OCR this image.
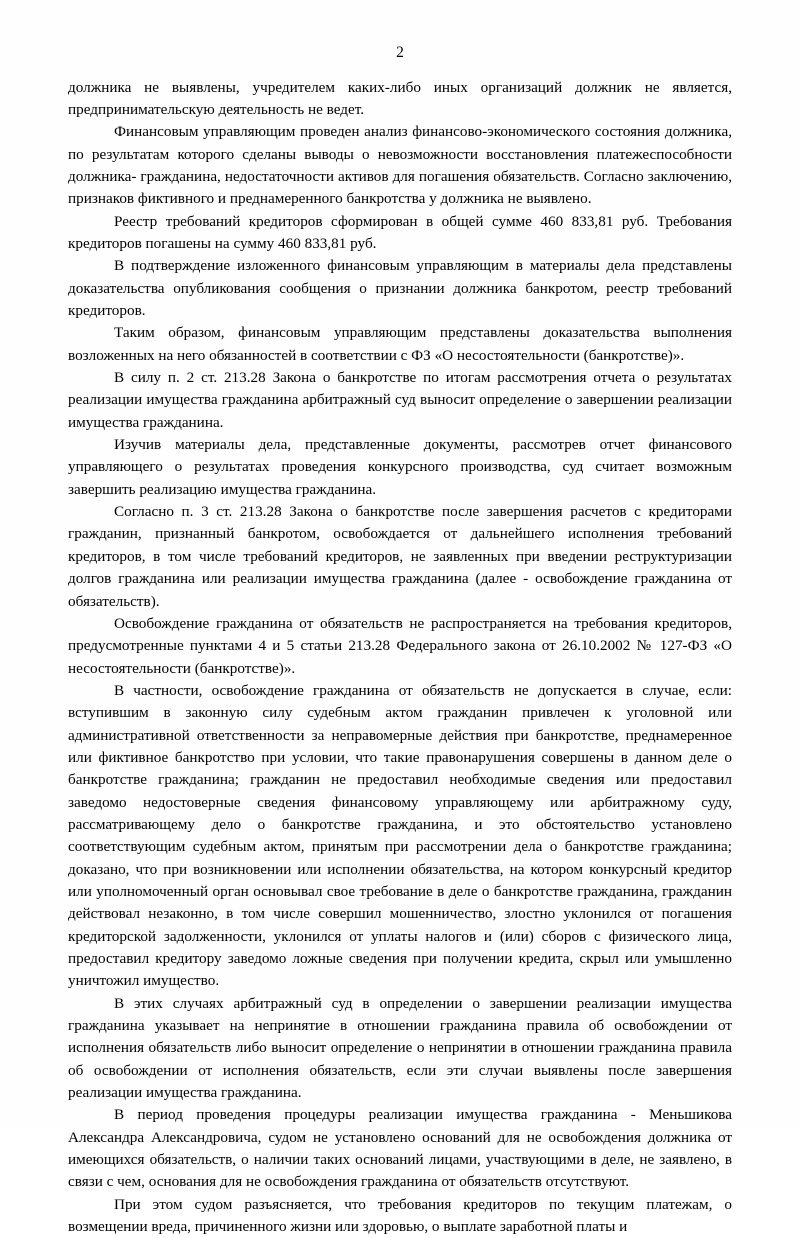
2

должника не выявлены, учредителем каких-либо иных организаций должник не является, предпринимательскую деятельность не ведет.

Финансовым управляющим проведен анализ финансово-экономического состояния должника, по результатам которого сделаны выводы о невозможности восстановления платежеспособности должника- гражданина, недостаточности активов для погашения обязательств. Согласно заключению, признаков фиктивного и преднамеренного банкротства у должника не выявлено.

Реестр требований кредиторов сформирован в общей сумме 460 833,81 руб. Требования кредиторов погашены на сумму 460 833,81 руб.

В подтверждение изложенного финансовым управляющим в материалы дела представлены доказательства опубликования сообщения о признании должника банкротом, реестр требований кредиторов.

Таким образом, финансовым управляющим представлены доказательства выполнения возложенных на него обязанностей в соответствии с ФЗ «О несостоятельности (банкротстве)».

В силу п. 2 ст. 213.28 Закона о банкротстве по итогам рассмотрения отчета о результатах реализации имущества гражданина арбитражный суд выносит определение о завершении реализации имущества гражданина.

Изучив материалы дела, представленные документы, рассмотрев отчет финансового управляющего о результатах проведения конкурсного производства, суд считает возможным завершить реализацию имущества гражданина.

Согласно п. 3 ст. 213.28 Закона о банкротстве после завершения расчетов с кредиторами гражданин, признанный банкротом, освобождается от дальнейшего исполнения требований кредиторов, в том числе требований кредиторов, не заявленных при введении реструктуризации долгов гражданина или реализации имущества гражданина (далее - освобождение гражданина от обязательств).

Освобождение гражданина от обязательств не распространяется на требования кредиторов, предусмотренные пунктами 4 и 5 статьи 213.28 Федерального закона от 26.10.2002 № 127-ФЗ «О несостоятельности (банкротстве)».

В частности, освобождение гражданина от обязательств не допускается в случае, если: вступившим в законную силу судебным актом гражданин привлечен к уголовной или административной ответственности за неправомерные действия при банкротстве, преднамеренное или фиктивное банкротство при условии, что такие правонарушения совершены в данном деле о банкротстве гражданина; гражданин не предоставил необходимые сведения или предоставил заведомо недостоверные сведения финансовому управляющему или арбитражному суду, рассматривающему дело о банкротстве гражданина, и это обстоятельство установлено соответствующим судебным актом, принятым при рассмотрении дела о банкротстве гражданина; доказано, что при возникновении или исполнении обязательства, на котором конкурсный кредитор или уполномоченный орган основывал свое требование в деле о банкротстве гражданина, гражданин действовал незаконно, в том числе совершил мошенничество, злостно уклонился от погашения кредиторской задолженности, уклонился от уплаты налогов и (или) сборов с физического лица, предоставил кредитору заведомо ложные сведения при получении кредита, скрыл или умышленно уничтожил имущество.

В этих случаях арбитражный суд в определении о завершении реализации имущества гражданина указывает на непринятие в отношении гражданина правила об освобождении от исполнения обязательств либо выносит определение о непринятии в отношении гражданина правила об освобождении от исполнения обязательств, если эти случаи выявлены после завершения реализации имущества гражданина.

В период проведения процедуры реализации имущества гражданина - Меньшикова Александра Александровича, судом не установлено оснований для не освобождения должника от имеющихся обязательств, о наличии таких оснований лицами, участвующими в деле, не заявлено, в связи с чем, основания для не освобождения гражданина от обязательств отсутствуют.

При этом судом разъясняется, что требования кредиторов по текущим платежам, о возмещении вреда, причиненного жизни или здоровью, о выплате заработной платы и
